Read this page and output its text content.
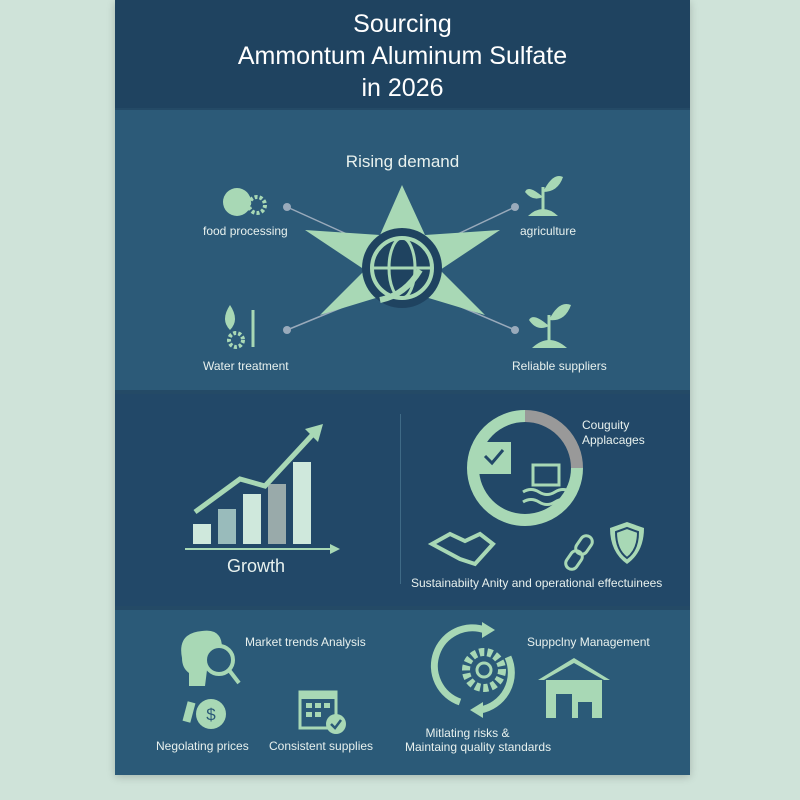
Sourcing
Ammontum Aluminum Sulfate
in 2026
Rising demand
food processing	agriculture
Water treatment	Reliable suppliers
Growth
Couguity
Applacages
Sustainabiity Anity and operational effectuinees
Market trends Analysis
$
Negolating prices Consistent supplies
Suppclny Management
Mitlating risks &
Maintaing quality standards
